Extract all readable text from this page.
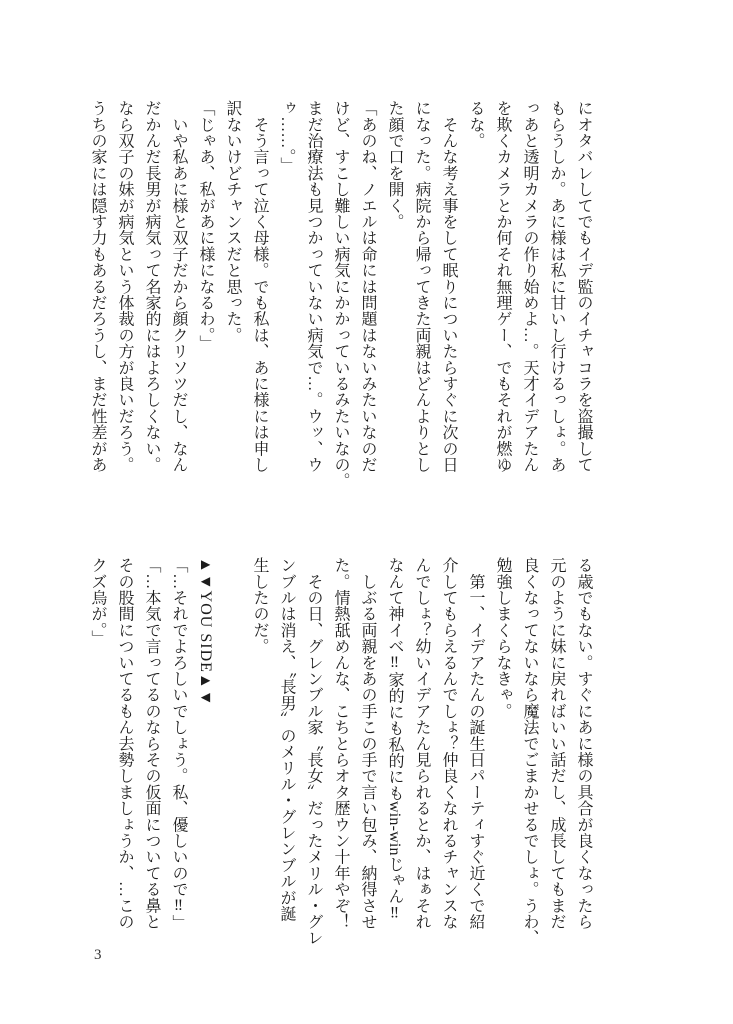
にオタバレしてでもイデ監のイチャコラを盗撮して
もらうしか。あに様は私に甘いし行けるっしょ。あ
っあと透明カメラの作り始めよ…。天才イデアたん
を欺くカメラとか何それ無理ゲー、でもそれが燃ゆ
るな。
　そんな考え事をして眠りについたらすぐに次の日
になった。病院から帰ってきた両親はどんよりとし
た顔で口を開く。
「あのね、ノエルは命には問題はないみたいなのだ
けど、すこし難しい病気にかかっているみたいなの。
まだ治療法も見つかっていない病気で…。ウッ、ウ
ゥ……。」
　そう言って泣く母様。でも私は、あに様には申し
訳ないけどチャンスだと思った。
「じゃあ、私があに様になるわ。」
　いや私あに様と双子だから顔クリソツだし、なん
だかんだ長男が病気って名家的にはよろしくない。
なら双子の妹が病気という体裁の方が良いだろう。
うちの家には隠す力もあるだろうし、まだ性差があ
る歳でもない。すぐにあに様の具合が良くなったら
元のように妹に戻ればいい話だし、成長してもまだ
良くなってないなら魔法でごまかせるでしょ。うわ、
勉強しまくらなきゃ。
　第一、イデアたんの誕生日パーティすぐ近くで紹
介してもらえるんでしょ？仲良くなれるチャンスな
んでしょ？幼いイデアたん見られるとか、はぁそれ
なんて神イベ‼家的にも私的にもwin-winじゃん‼
　しぶる両親をあの手この手で言い包み、納得させ
た。情熱舐めんな、こちとらオタ歴ウン十年やぞ！
　その日、グレンブル家〝長女〟だったメリル・グレ
ンブルは消え、〝長男〟のメリル・グレンブルが誕
生したのだ。

▲▼YOU SIDE▲▼
「…それでよろしいでしょう。私、優しいので‼」
「…本気で言ってるのならその仮面についてる鼻と
その股間についてるもん去勢しましょうか、…この
クズ烏が。」
3
